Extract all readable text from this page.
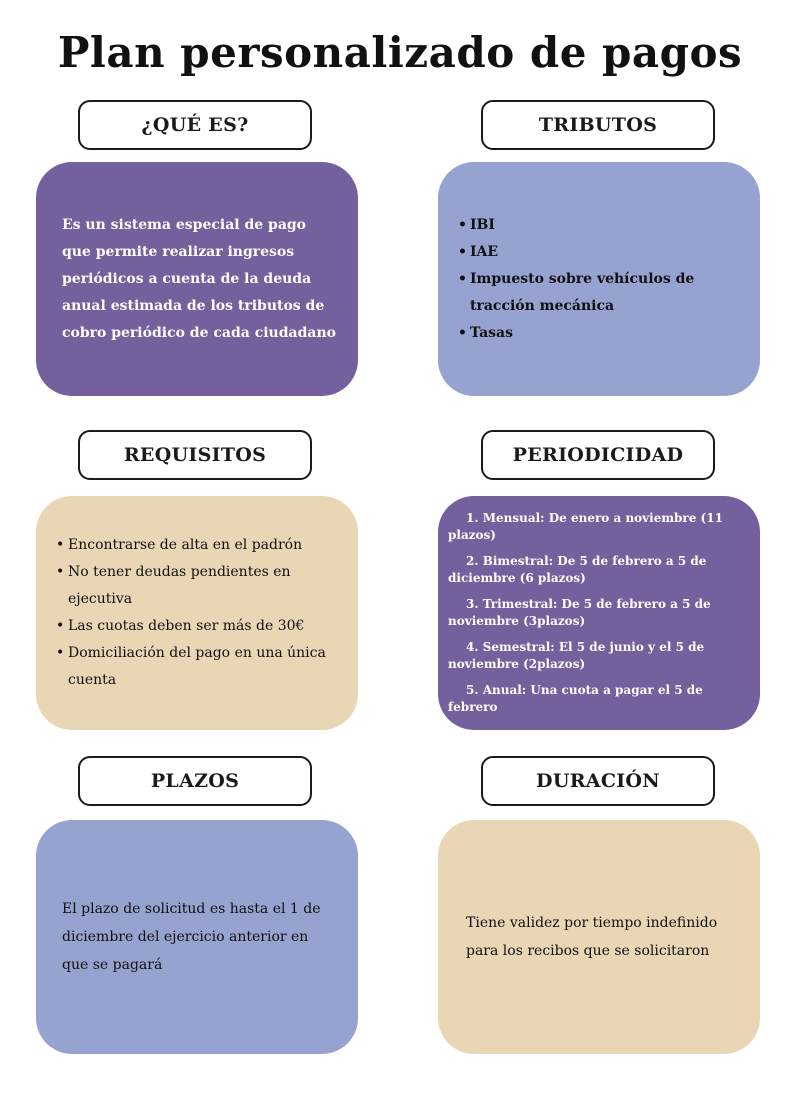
Plan personalizado de pagos
¿QUÉ ES?	TRIBUTOS
Es un sistema especial de pago que permite realizar ingresos periódicos a cuenta de la deuda anual estimada de los tributos de cobro periódico de cada ciudadano
• IBI
• IAE
• Impuesto sobre vehículos de tracción mecánica
• Tasas
REQUISITOS	PERIODICIDAD
• Encontrarse de alta en el padrón
• No tener deudas pendientes en ejecutiva
• Las cuotas deben ser más de 30€
• Domiciliación del pago en una única cuenta
1. Mensual: De enero a noviembre (11 plazos)
2. Bimestral: De 5 de febrero a 5 de diciembre (6 plazos)
3. Trimestral: De 5 de febrero a 5 de noviembre (3plazos)
4. Semestral: El 5 de junio y el 5 de noviembre (2plazos)
5. Anual: Una cuota a pagar el 5 de febrero
PLAZOS	DURACIÓN
El plazo de solicitud es hasta el 1 de diciembre del ejercicio anterior en que se pagará
Tiene validez por tiempo indefinido para los recibos que se solicitaron
